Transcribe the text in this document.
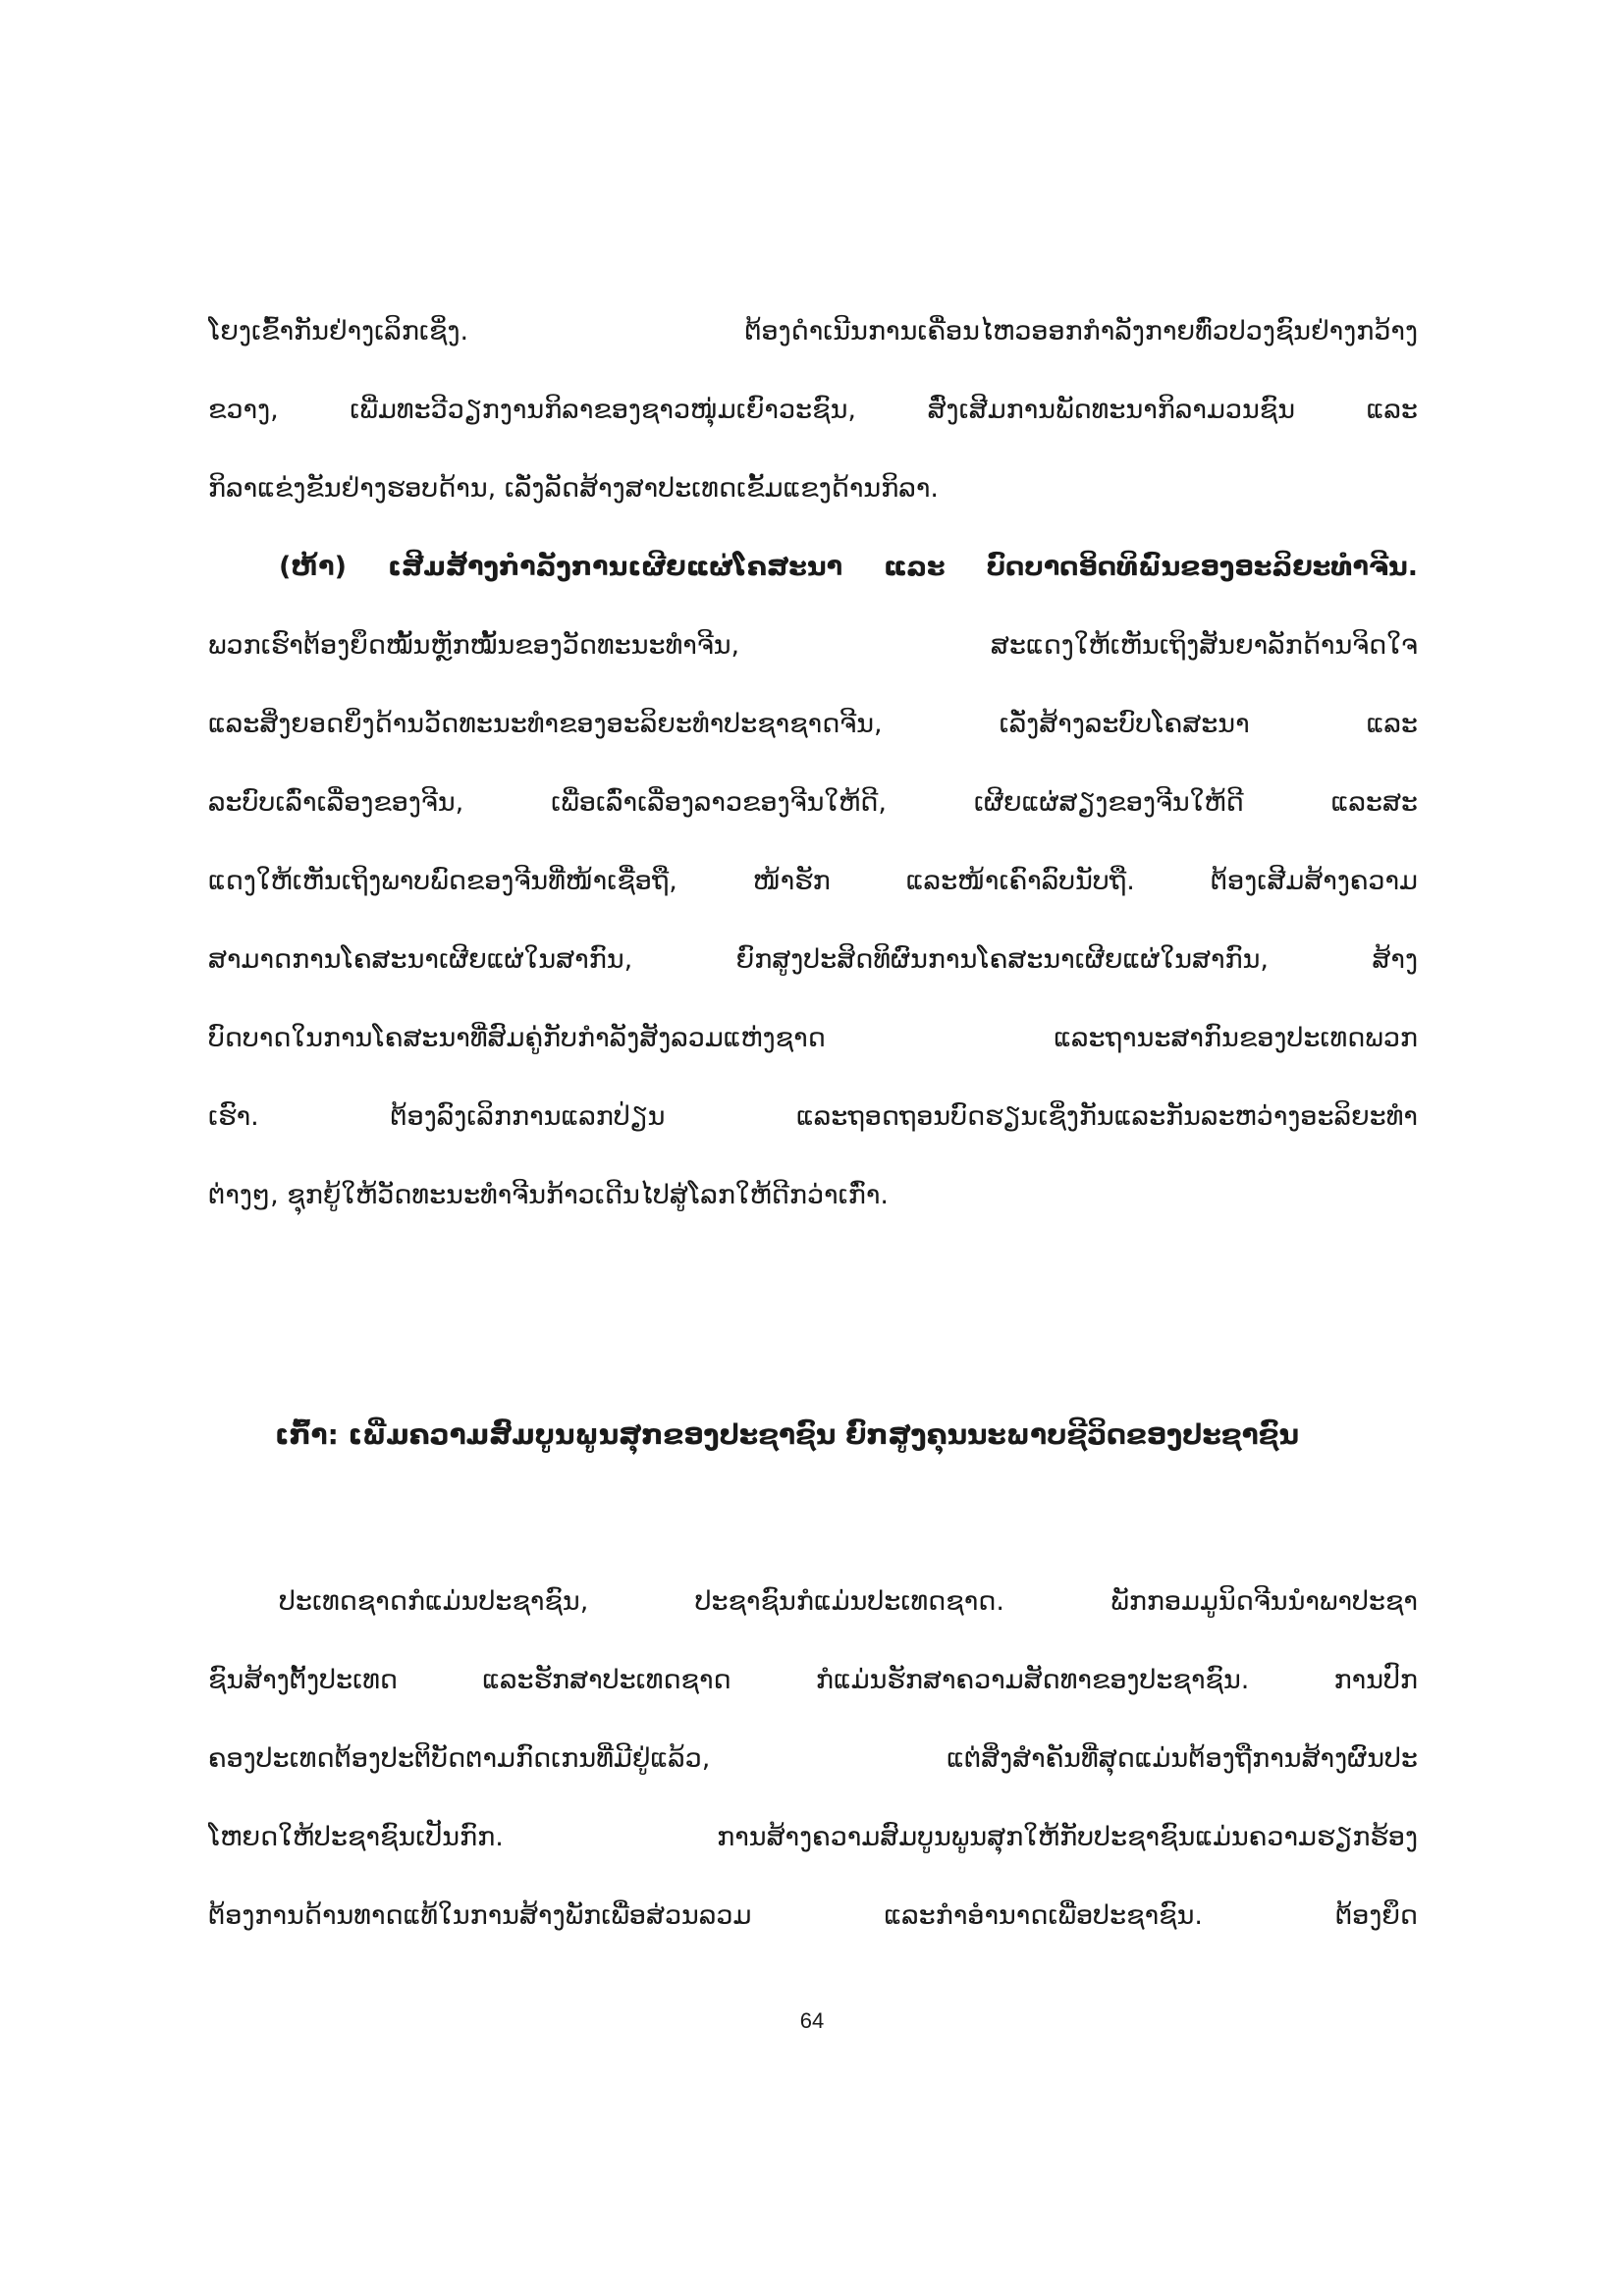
ໂຍງເຂົ້າກັນຢ່າງເລິກເຊິ່ງ. ຕ້ອງດຳເນີນການເຄື່ອນໄຫວອອກກຳລັງກາຍທົ່ວປວງຊົນຢ່າງກວ້າງ
ຂວາງ, ເພີ່ມທະວີວຽກງານກິລາຂອງຊາວໜຸ່ມເຍົາວະຊົນ, ສົ່ງເສີມການພັດທະນາກິລາມວນຊົນ ແລະ
ກິລາແຂ່ງຂັນຢ່າງຮອບດ້ານ, ເລັ່ງລັດສ້າງສາປະເທດເຂັ້ມແຂງດ້ານກິລາ.
(ຫ້າ) ເສີມສ້າງກຳລັງການເຜີຍແຜ່ໂຄສະນາ ແລະ ບົດບາດອິດທິພົນຂອງອະລິຍະທຳຈີນ.
ພວກເຮົາຕ້ອງຍຶດໝັ້ນຫຼັກໝັ້ນຂອງວັດທະນະທຳຈີນ, ສະແດງໃຫ້ເຫັນເຖິງສັນຍາລັກດ້ານຈິດໃຈ
ແລະສິ່ງຍອດຍິ່ງດ້ານວັດທະນະທຳຂອງອະລິຍະທຳປະຊາຊາດຈີນ, ເລັ່ງສ້າງລະບົບໂຄສະນາ ແລະ
ລະບົບເລົ່າເລື່ອງຂອງຈີນ, ເພື່ອເລົ່າເລື່ອງລາວຂອງຈີນໃຫ້ດີ, ເຜີຍແຜ່ສຽງຂອງຈີນໃຫ້ດີ ແລະສະ
ແດງໃຫ້ເຫັນເຖິງພາບພົດຂອງຈີນທີ່ໜ້າເຊື່ອຖື, ໜ້າຮັກ ແລະໜ້າເຄົາລົບນັບຖື. ຕ້ອງເສີມສ້າງຄວາມ
ສາມາດການໂຄສະນາເຜີຍແຜ່ໃນສາກົນ, ຍົກສູງປະສິດທິຜົນການໂຄສະນາເຜີຍແຜ່ໃນສາກົນ, ສ້າງ
ບົດບາດໃນການໂຄສະນາທີ່ສົມຄູ່ກັບກຳລັງສັງລວມແຫ່ງຊາດ ແລະຖານະສາກົນຂອງປະເທດພວກ
ເຮົາ. ຕ້ອງລົງເລິກການແລກປ່ຽນ ແລະຖອດຖອນບົດຮຽນເຊິ່ງກັນແລະກັນລະຫວ່າງອະລິຍະທຳ
ຕ່າງໆ, ຊຸກຍູ້ໃຫ້ວັດທະນະທຳຈີນກ້າວເດີນໄປສູ່ໂລກໃຫ້ດີກວ່າເກົ່າ.
ເກົ້າ: ເພີ່ມຄວາມສົມບູນພູນສຸກຂອງປະຊາຊົນ ຍົກສູງຄຸນນະພາບຊີວິດຂອງປະຊາຊົນ
ປະເທດຊາດກໍແມ່ນປະຊາຊົນ, ປະຊາຊົນກໍແມ່ນປະເທດຊາດ. ພັກກອມມູນິດຈີນນຳພາປະຊາ
ຊົນສ້າງຕັ້ງປະເທດ ແລະຮັກສາປະເທດຊາດ ກໍແມ່ນຮັກສາຄວາມສັດທາຂອງປະຊາຊົນ. ການປົກ
ຄອງປະເທດຕ້ອງປະຕິບັດຕາມກົດເກນທີ່ມີຢູ່ແລ້ວ, ແຕ່ສິ່ງສຳຄັນທີ່ສຸດແມ່ນຕ້ອງຖືການສ້າງຜົນປະ
ໂຫຍດໃຫ້ປະຊາຊົນເປັນກົກ. ການສ້າງຄວາມສົມບູນພູນສຸກໃຫ້ກັບປະຊາຊົນແມ່ນຄວາມຮຽກຮ້ອງ
ຕ້ອງການດ້ານທາດແທ້ໃນການສ້າງພັກເພື່ອສ່ວນລວມ ແລະກຳອຳນາດເພື່ອປະຊາຊົນ. ຕ້ອງຍຶດ
64
